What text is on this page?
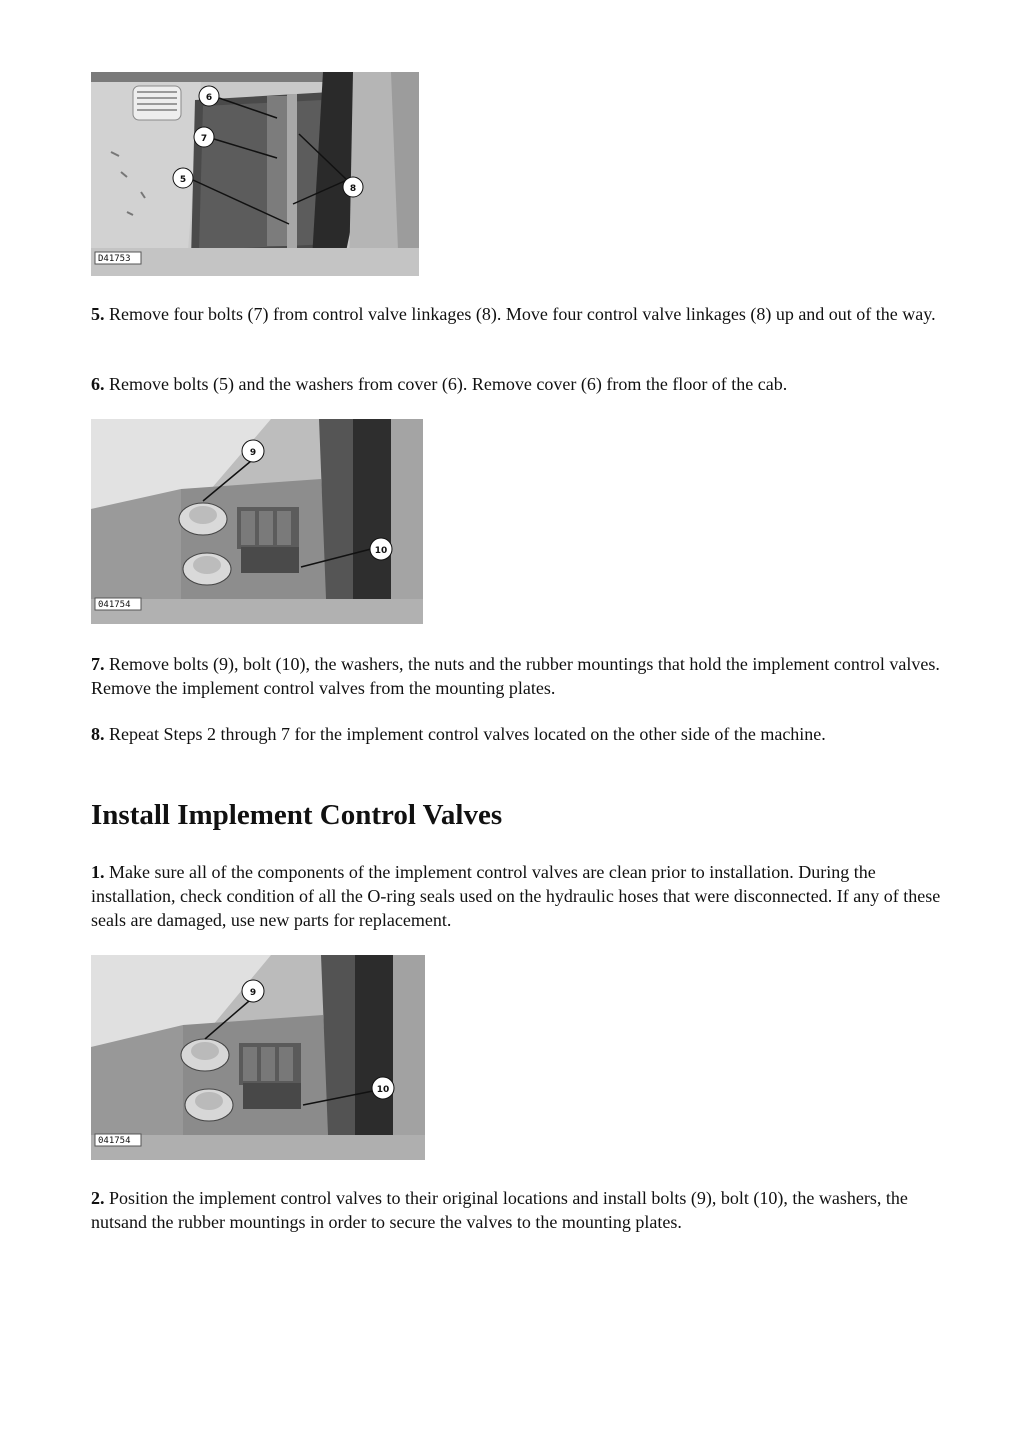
6
7
5
8
D41753

5. Remove four bolts (7) from control valve linkages (8). Move four control valve linkages (8) up and out of the way.

6. Remove bolts (5) and the washers from cover (6). Remove cover (6) from the floor of the cab.

9
10
041754

7. Remove bolts (9), bolt (10), the washers, the nuts and the rubber mountings that hold the implement control valves. Remove the implement control valves from the mounting plates.

8. Repeat Steps 2 through 7 for the implement control valves located on the other side of the machine.

Install Implement Control Valves

1. Make sure all of the components of the implement control valves are clean prior to installation. During the installation, check condition of all the O-ring seals used on the hydraulic hoses that were disconnected. If any of these seals are damaged, use new parts for replacement.

9
10
041754

2. Position the implement control valves to their original locations and install bolts (9), bolt (10), the washers, the nutsand the rubber mountings in order to secure the valves to the mounting plates.
